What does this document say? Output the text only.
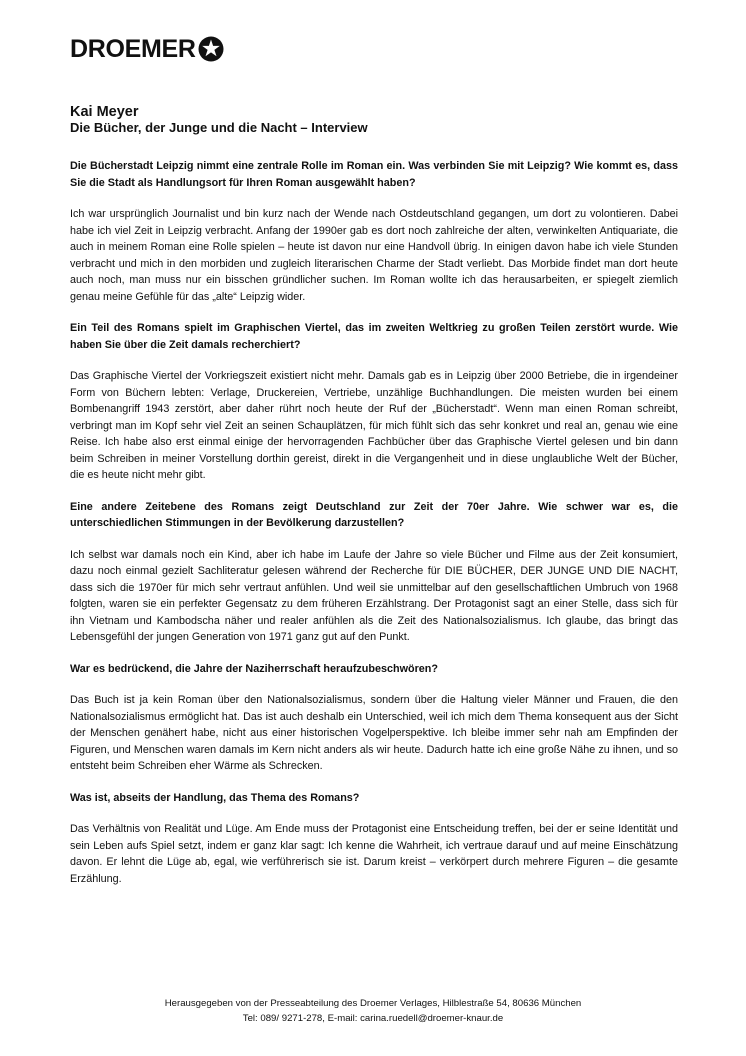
DROEMER
Kai Meyer
Die Bücher, der Junge und die Nacht – Interview

Die Bücherstadt Leipzig nimmt eine zentrale Rolle im Roman ein. Was verbinden Sie mit Leipzig? Wie kommt es, dass Sie die Stadt als Handlungsort für Ihren Roman ausgewählt haben?

Ich war ursprünglich Journalist und bin kurz nach der Wende nach Ostdeutschland gegangen, um dort zu volontieren. Dabei habe ich viel Zeit in Leipzig verbracht. Anfang der 1990er gab es dort noch zahlreiche der alten, verwinkelten Antiquariate, die auch in meinem Roman eine Rolle spielen – heute ist davon nur eine Handvoll übrig. In einigen davon habe ich viele Stunden verbracht und mich in den morbiden und zugleich literarischen Charme der Stadt verliebt. Das Morbide findet man dort heute auch noch, man muss nur ein bisschen gründlicher suchen. Im Roman wollte ich das herausarbeiten, er spiegelt ziemlich genau meine Gefühle für das „alte“ Leipzig wider.

Ein Teil des Romans spielt im Graphischen Viertel, das im zweiten Weltkrieg zu großen Teilen zerstört wurde. Wie haben Sie über die Zeit damals recherchiert?

Das Graphische Viertel der Vorkriegszeit existiert nicht mehr. Damals gab es in Leipzig über 2000 Betriebe, die in irgendeiner Form von Büchern lebten: Verlage, Druckereien, Vertriebe, unzählige Buchhandlungen. Die meisten wurden bei einem Bombenangriff 1943 zerstört, aber daher rührt noch heute der Ruf der „Bücherstadt“. Wenn man einen Roman schreibt, verbringt man im Kopf sehr viel Zeit an seinen Schauplätzen, für mich fühlt sich das sehr konkret und real an, genau wie eine Reise. Ich habe also erst einmal einige der hervorragenden Fachbücher über das Graphische Viertel gelesen und bin dann beim Schreiben in meiner Vorstellung dorthin gereist, direkt in die Vergangenheit und in diese unglaubliche Welt der Bücher, die es heute nicht mehr gibt.

Eine andere Zeitebene des Romans zeigt Deutschland zur Zeit der 70er Jahre. Wie schwer war es, die unterschiedlichen Stimmungen in der Bevölkerung darzustellen?

Ich selbst war damals noch ein Kind, aber ich habe im Laufe der Jahre so viele Bücher und Filme aus der Zeit konsumiert, dazu noch einmal gezielt Sachliteratur gelesen während der Recherche für DIE BÜCHER, DER JUNGE UND DIE NACHT, dass sich die 1970er für mich sehr vertraut anfühlen. Und weil sie unmittelbar auf den gesellschaftlichen Umbruch von 1968 folgten, waren sie ein perfekter Gegensatz zu dem früheren Erzählstrang. Der Protagonist sagt an einer Stelle, dass sich für ihn Vietnam und Kambodscha näher und realer anfühlen als die Zeit des Nationalsozialismus. Ich glaube, das bringt das Lebensgefühl der jungen Generation von 1971 ganz gut auf den Punkt.

War es bedrückend, die Jahre der Naziherrschaft heraufzubeschwören?

Das Buch ist ja kein Roman über den Nationalsozialismus, sondern über die Haltung vieler Männer und Frauen, die den Nationalsozialismus ermöglicht hat. Das ist auch deshalb ein Unterschied, weil ich mich dem Thema konsequent aus der Sicht der Menschen genähert habe, nicht aus einer historischen Vogelperspektive. Ich bleibe immer sehr nah am Empfinden der Figuren, und Menschen waren damals im Kern nicht anders als wir heute. Dadurch hatte ich eine große Nähe zu ihnen, und so entsteht beim Schreiben eher Wärme als Schrecken.

Was ist, abseits der Handlung, das Thema des Romans?

Das Verhältnis von Realität und Lüge. Am Ende muss der Protagonist eine Entscheidung treffen, bei der er seine Identität und sein Leben aufs Spiel setzt, indem er ganz klar sagt: Ich kenne die Wahrheit, ich vertraue darauf und auf meine Einschätzung davon. Er lehnt die Lüge ab, egal, wie verführerisch sie ist. Darum kreist – verkörpert durch mehrere Figuren – die gesamte Erzählung.

Herausgegeben von der Presseabteilung des Droemer Verlages, Hilblestraße 54, 80636 München
Tel: 089/ 9271-278, E-mail: carina.ruedell@droemer-knaur.de
